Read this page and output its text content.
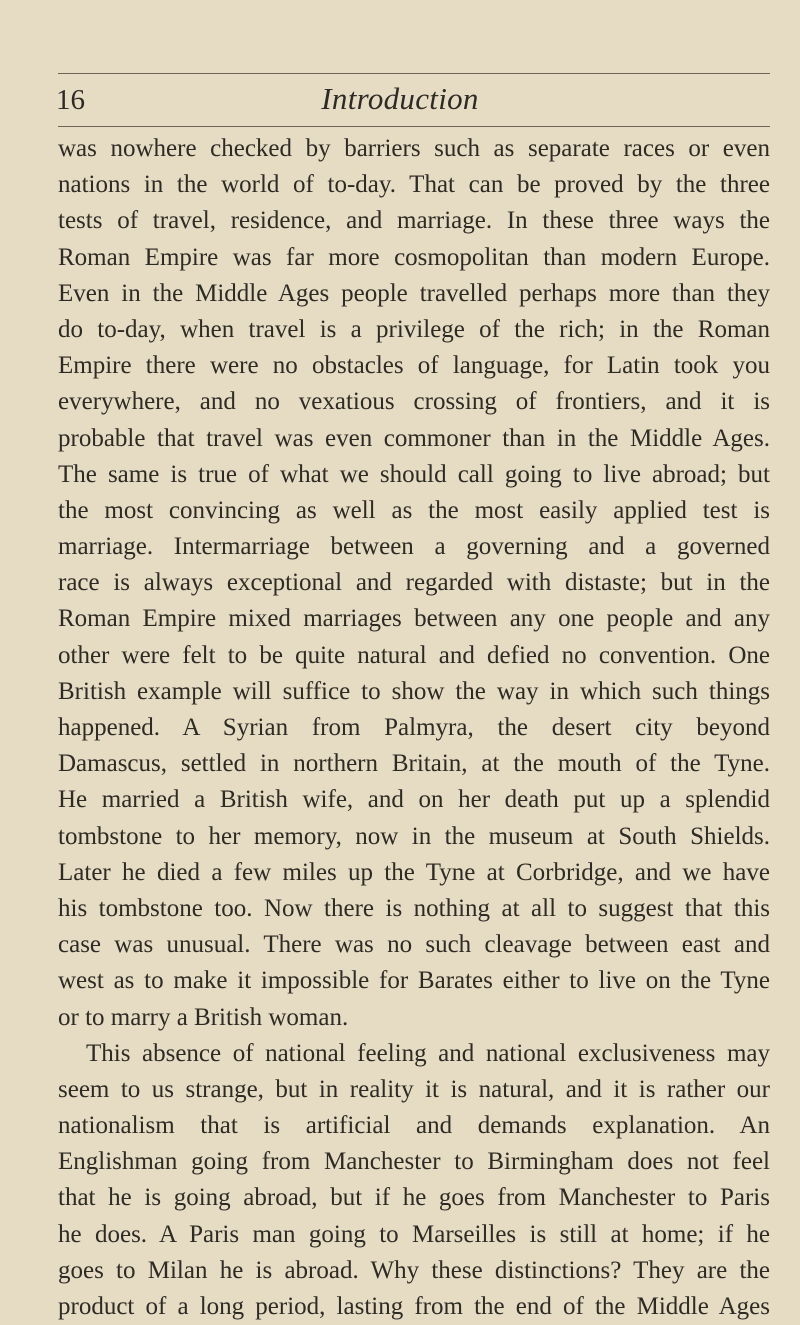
16	Introduction
was nowhere checked by barriers such as separate races or even
nations in the world of to-day. That can be proved by the three
tests of travel, residence, and marriage. In these three ways the
Roman Empire was far more cosmopolitan than modern Europe.
Even in the Middle Ages people travelled perhaps more than they
do to-day, when travel is a privilege of the rich; in the Roman
Empire there were no obstacles of language, for Latin took you
everywhere, and no vexatious crossing of frontiers, and it is
probable that travel was even commoner than in the Middle Ages.
The same is true of what we should call going to live abroad; but
the most convincing as well as the most easily applied test is
marriage. Intermarriage between a governing and a governed
race is always exceptional and regarded with distaste; but in the
Roman Empire mixed marriages between any one people and any
other were felt to be quite natural and defied no convention. One
British example will suffice to show the way in which such things
happened. A Syrian from Palmyra, the desert city beyond
Damascus, settled in northern Britain, at the mouth of the Tyne.
He married a British wife, and on her death put up a splendid
tombstone to her memory, now in the museum at South Shields.
Later he died a few miles up the Tyne at Corbridge, and we have
his tombstone too. Now there is nothing at all to suggest that this
case was unusual. There was no such cleavage between east and
west as to make it impossible for Barates either to live on the Tyne
or to marry a British woman.
This absence of national feeling and national exclusiveness may
seem to us strange, but in reality it is natural, and it is rather our
nationalism that is artificial and demands explanation. An
Englishman going from Manchester to Birmingham does not feel
that he is going abroad, but if he goes from Manchester to Paris
he does. A Paris man going to Marseilles is still at home; if he
goes to Milan he is abroad. Why these distinctions? They are the
product of a long period, lasting from the end of the Middle Ages
